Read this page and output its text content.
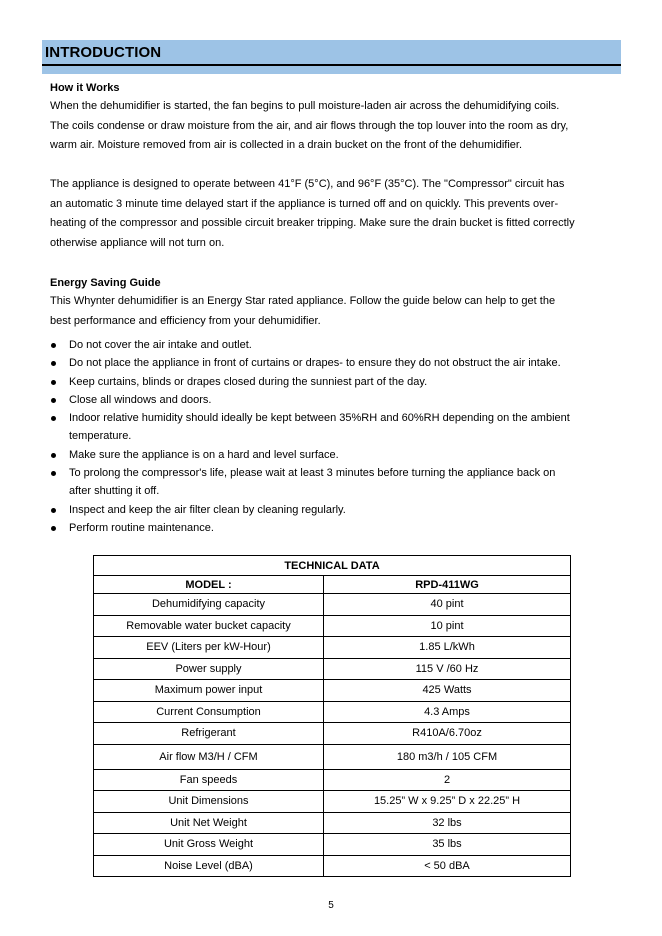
INTRODUCTION

How it Works

When the dehumidifier is started, the fan begins to pull moisture-laden air across the dehumidifying coils.

The coils condense or draw moisture from the air, and air flows through the top louver into the room as dry,

warm air. Moisture removed from air is collected in a drain bucket on the front of the dehumidifier.

The appliance is designed to operate between 41°F (5°C), and 96°F (35°C). The "Compressor" circuit has

an automatic 3 minute time delayed start if the appliance is turned off and on quickly. This prevents over-

heating of the compressor and possible circuit breaker tripping. Make sure the drain bucket is fitted correctly

otherwise appliance will not turn on.

Energy Saving Guide

This Whynter dehumidifier is an Energy Star rated appliance. Follow the guide below can help to get the

best performance and efficiency from your dehumidifier.

Do not cover the air intake and outlet.
Do not place the appliance in front of curtains or drapes- to ensure they do not obstruct the air intake.
Keep curtains, blinds or drapes closed during the sunniest part of the day.
Close all windows and doors.
Indoor relative humidity should ideally be kept between 35%RH and 60%RH depending on the ambient
temperature.
Make sure the appliance is on a hard and level surface.
To prolong the compressor's life, please wait at least 3 minutes before turning the appliance back on
after shutting it off.
Inspect and keep the air filter clean by cleaning regularly.
Perform routine maintenance.
TECHNICAL DATA	
MODEL :	RPD-411WG
Dehumidifying capacity	40 pint
Removable water bucket capacity	10 pint
EEV (Liters per kW-Hour)	1.85 L/kWh
Power supply	115 V /60 Hz
Maximum power input	425 Watts
Current Consumption	4.3 Amps
Refrigerant	R410A/6.70oz
Air flow M3/H / CFM	180 m3/h / 105 CFM
Fan speeds	2
Unit Dimensions	15.25” W x 9.25” D x 22.25” H
Unit Net Weight	32 lbs
Unit Gross Weight	35 lbs
Noise Level (dBA)	< 50 dBA
5
